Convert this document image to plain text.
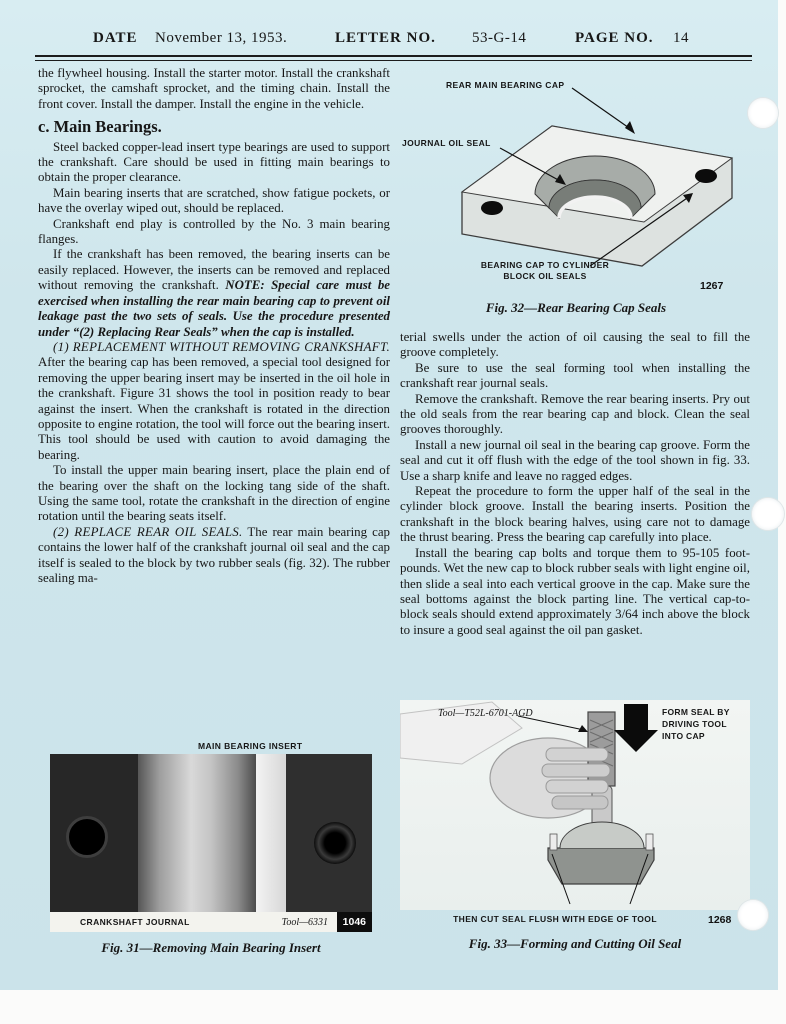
DATE November 13, 1953.	LETTER NO. 53-G-14	PAGE NO. 14

the flywheel housing. Install the starter motor. Install the crankshaft sprocket, the camshaft sprocket, and the timing chain. Install the front cover. Install the damper. Install the engine in the vehicle.

c. Main Bearings.

Steel backed copper-lead insert type bearings are used to support the crankshaft. Care should be used in fitting main bearings to obtain the proper clearance.

Main bearing inserts that are scratched, show fatigue pockets, or have the overlay wiped out, should be replaced.

Crankshaft end play is controlled by the No. 3 main bearing flanges.

If the crankshaft has been removed, the bearing inserts can be easily replaced. However, the inserts can be removed and replaced without removing the crankshaft. NOTE: Special care must be exercised when installing the rear main bearing cap to prevent oil leakage past the two sets of seals. Use the procedure presented under “(2) Replacing Rear Seals” when the cap is installed.

(1) REPLACEMENT WITHOUT REMOVING CRANKSHAFT. After the bearing cap has been removed, a special tool designed for removing the upper bearing insert may be inserted in the oil hole in the crankshaft. Figure 31 shows the tool in position ready to bear against the insert. When the crankshaft is rotated in the direction opposite to engine rotation, the tool will force out the bearing insert. This tool should be used with caution to avoid damaging the bearing.

To install the upper main bearing insert, place the plain end of the bearing over the shaft on the locking tang side of the shaft. Using the same tool, rotate the crankshaft in the direction of engine rotation until the bearing seats itself.

(2) REPLACE REAR OIL SEALS. The rear main bearing cap contains the lower half of the crankshaft journal oil seal and the cap itself is sealed to the block by two rubber seals (fig. 32). The rubber sealing ma-

REAR MAIN BEARING CAP
JOURNAL OIL SEAL
BEARING CAP TO CYLINDER
BLOCK OIL SEALS
1267
Fig. 32—Rear Bearing Cap Seals

terial swells under the action of oil causing the seal to fill the groove completely.

Be sure to use the seal forming tool when installing the crankshaft rear journal seals.

Remove the crankshaft. Remove the rear bearing inserts. Pry out the old seals from the rear bearing cap and block. Clean the seal grooves thoroughly.

Install a new journal oil seal in the bearing cap groove. Form the seal and cut it off flush with the edge of the tool shown in fig. 33. Use a sharp knife and leave no ragged edges.

Repeat the procedure to form the upper half of the seal in the cylinder block groove. Install the bearing inserts. Position the crankshaft in the block bearing halves, using care not to damage the thrust bearing. Press the bearing cap carefully into place.

Install the bearing cap bolts and torque them to 95-105 foot-pounds. Wet the new cap to block rubber seals with light engine oil, then slide a seal into each vertical groove in the cap. Make sure the seal bottoms against the block parting line. The vertical cap-to-block seals should extend approximately 3/64 inch above the block to insure a good seal against the oil pan gasket.

MAIN BEARING INSERT
CRANKSHAFT JOURNAL	Tool—6331	1046
Fig. 31—Removing Main Bearing Insert
Tool—T52L-6701-AGD	FORM SEAL BY
DRIVING TOOL
INTO CAP
THEN CUT SEAL FLUSH WITH EDGE OF TOOL	1268
Fig. 33—Forming and Cutting Oil Seal
